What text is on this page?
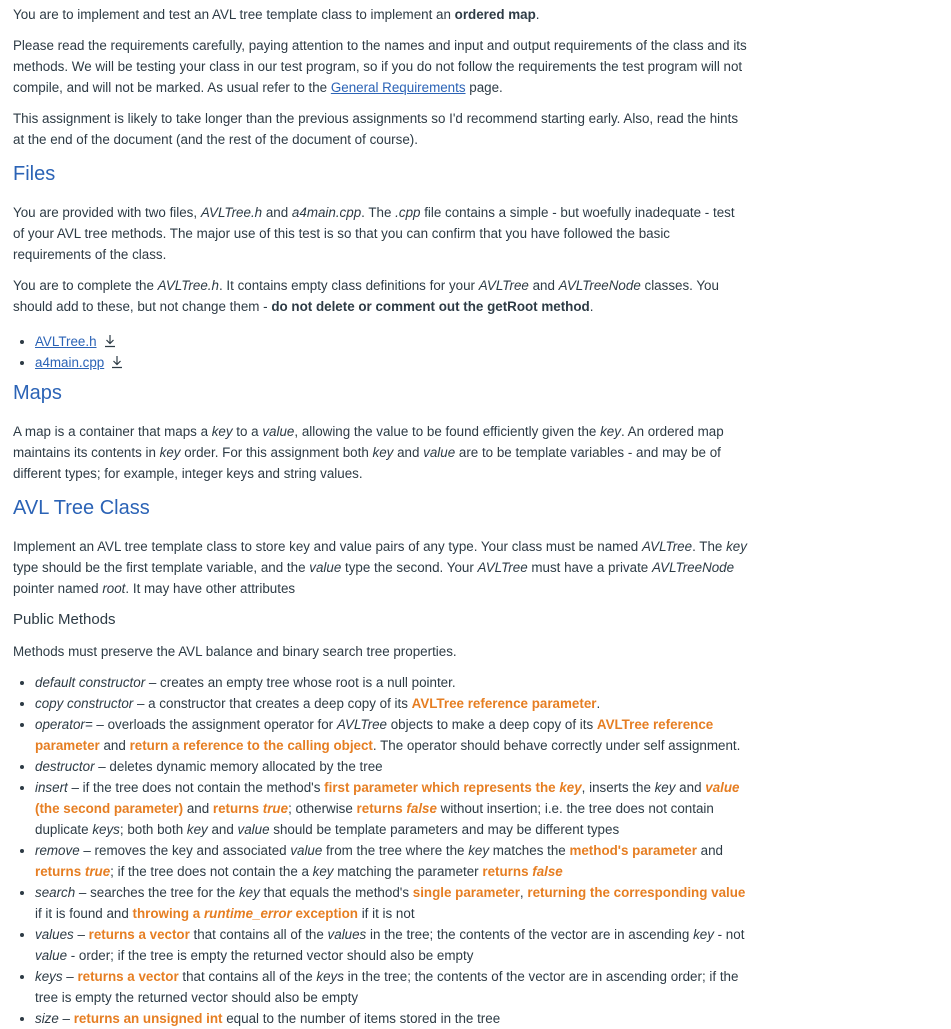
You are to implement and test an AVL tree template class to implement an ordered map.

Please read the requirements carefully, paying attention to the names and input and output requirements of the class and its methods. We will be testing your class in our test program, so if you do not follow the requirements the test program will not compile, and will not be marked. As usual refer to the General Requirements page.

This assignment is likely to take longer than the previous assignments so I'd recommend starting early. Also, read the hints at the end of the document (and the rest of the document of course).

Files

You are provided with two files, AVLTree.h and a4main.cpp. The .cpp file contains a simple - but woefully inadequate - test of your AVL tree methods. The major use of this test is so that you can confirm that you have followed the basic requirements of the class.

You are to complete the AVLTree.h. It contains empty class definitions for your AVLTree and AVLTreeNode classes. You should add to these, but not change them - do not delete or comment out the getRoot method.

• AVLTree.h
• a4main.cpp
Maps

A map is a container that maps a key to a value, allowing the value to be found efficiently given the key. An ordered map maintains its contents in key order. For this assignment both key and value are to be template variables - and may be of different types; for example, integer keys and string values.

AVL Tree Class

Implement an AVL tree template class to store key and value pairs of any type. Your class must be named AVLTree. The key type should be the first template variable, and the value type the second. Your AVLTree must have a private AVLTreeNode pointer named root. It may have other attributes

Public Methods

Methods must preserve the AVL balance and binary search tree properties.

• default constructor – creates an empty tree whose root is a null pointer.
• copy constructor – a constructor that creates a deep copy of its AVLTree reference parameter.
• operator= – overloads the assignment operator for AVLTree objects to make a deep copy of its AVLTree reference parameter and return a reference to the calling object. The operator should behave correctly under self assignment.
• destructor – deletes dynamic memory allocated by the tree
• insert – if the tree does not contain the method's first parameter which represents the key, inserts the key and value (the second parameter) and returns true; otherwise returns false without insertion; i.e. the tree does not contain duplicate keys; both both key and value should be template parameters and may be different types
• remove – removes the key and associated value from the tree where the key matches the method's parameter and returns true; if the tree does not contain the a key matching the parameter returns false
• search – searches the tree for the key that equals the method's single parameter, returning the corresponding value if it is found and throwing a runtime_error exception if it is not
• values – returns a vector that contains all of the values in the tree; the contents of the vector are in ascending key - not value - order; if the tree is empty the returned vector should also be empty
• keys – returns a vector that contains all of the keys in the tree; the contents of the vector are in ascending order; if the tree is empty the returned vector should also be empty
• size – returns an unsigned int equal to the number of items stored in the tree
